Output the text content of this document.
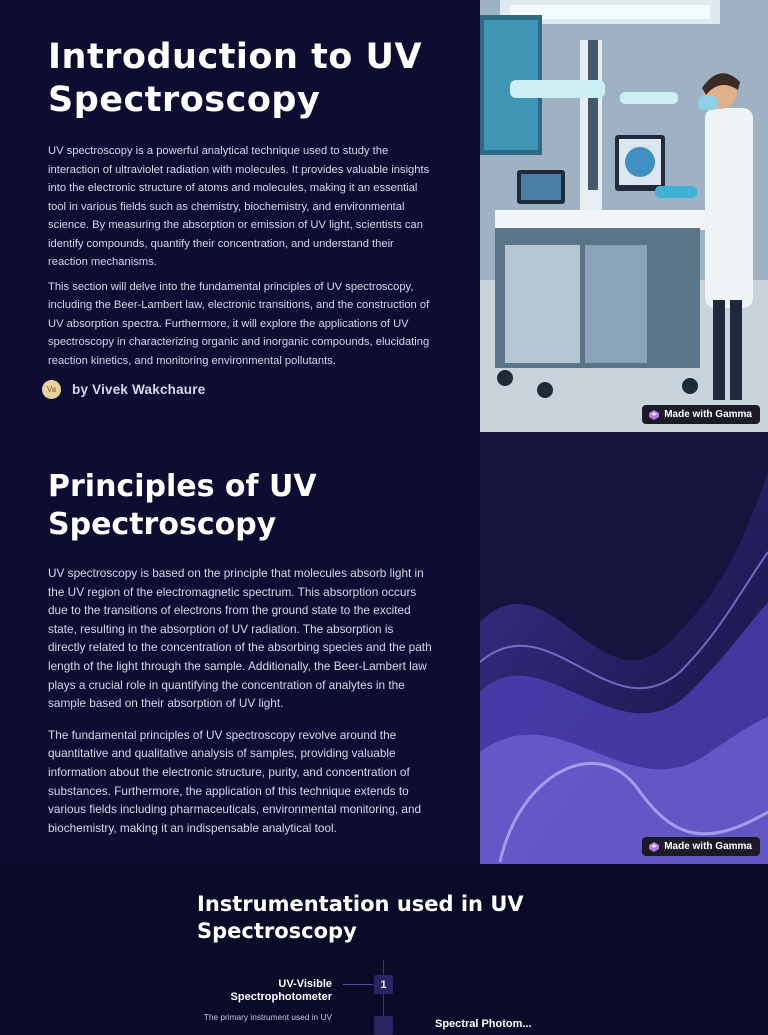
Introduction to UV Spectroscopy

UV spectroscopy is a powerful analytical technique used to study the interaction of ultraviolet radiation with molecules. It provides valuable insights into the electronic structure of atoms and molecules, making it an essential tool in various fields such as chemistry, biochemistry, and environmental science. By measuring the absorption or emission of UV light, scientists can identify compounds, quantify their concentration, and understand their reaction mechanisms.

This section will delve into the fundamental principles of UV spectroscopy, including the Beer-Lambert law, electronic transitions, and the construction of UV absorption spectra. Furthermore, it will explore the applications of UV spectroscopy in characterizing organic and inorganic compounds, elucidating reaction kinetics, and monitoring environmental pollutants.

Va	by Vivek Wakchaure
Made with Gamma
Principles of UV Spectroscopy

UV spectroscopy is based on the principle that molecules absorb light in the UV region of the electromagnetic spectrum. This absorption occurs due to the transitions of electrons from the ground state to the excited state, resulting in the absorption of UV radiation. The absorption is directly related to the concentration of the absorbing species and the path length of the light through the sample. Additionally, the Beer-Lambert law plays a crucial role in quantifying the concentration of analytes in the sample based on their absorption of UV light.

The fundamental principles of UV spectroscopy revolve around the quantitative and qualitative analysis of samples, providing valuable information about the electronic structure, purity, and concentration of substances. Furthermore, the application of this technique extends to various fields including pharmaceuticals, environmental monitoring, and biochemistry, making it an indispensable analytical tool.

Made with Gamma
Instrumentation used in UV Spectroscopy
UV-Visible Spectrophotometer
1
The primary instrument used in UV
Spectral Photom...
